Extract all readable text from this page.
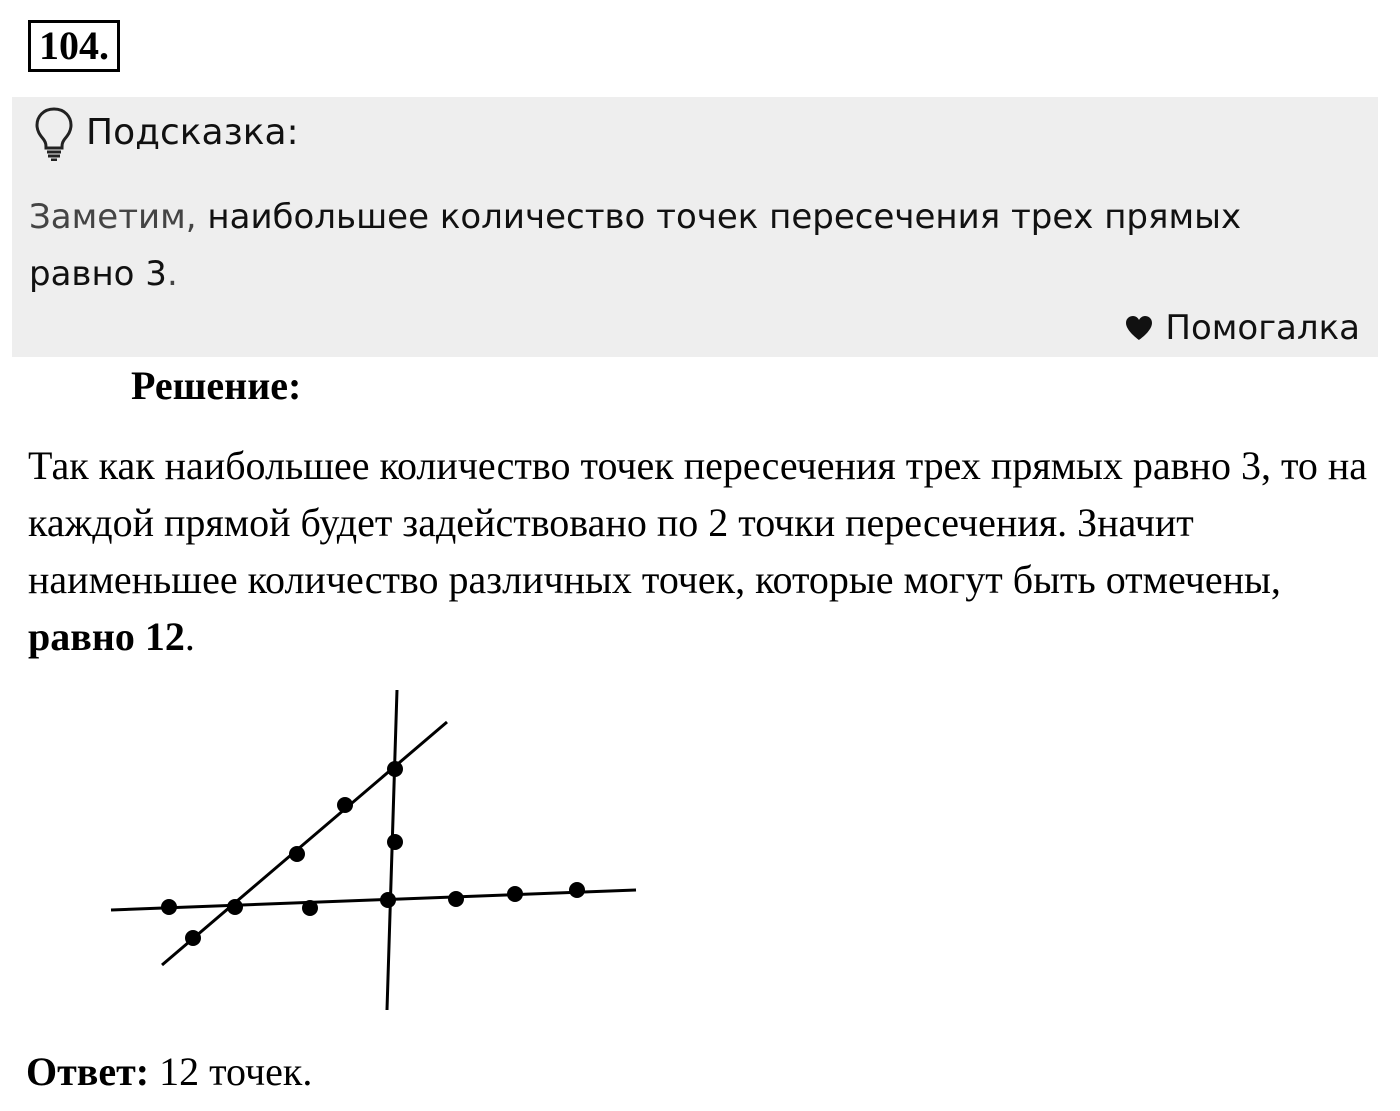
104.
Подсказка:
Заметим, наибольшее количество точек пересечения трех прямых равно 3.
Помогалка
Решение:
Так как наибольшее количество точек пересечения трех прямых равно 3, то на каждой прямой будет задействовано по 2 точки пересечения. Значит наименьшее количество различных точек, которые могут быть отмечены, равно 12.
Ответ: 12 точек.
